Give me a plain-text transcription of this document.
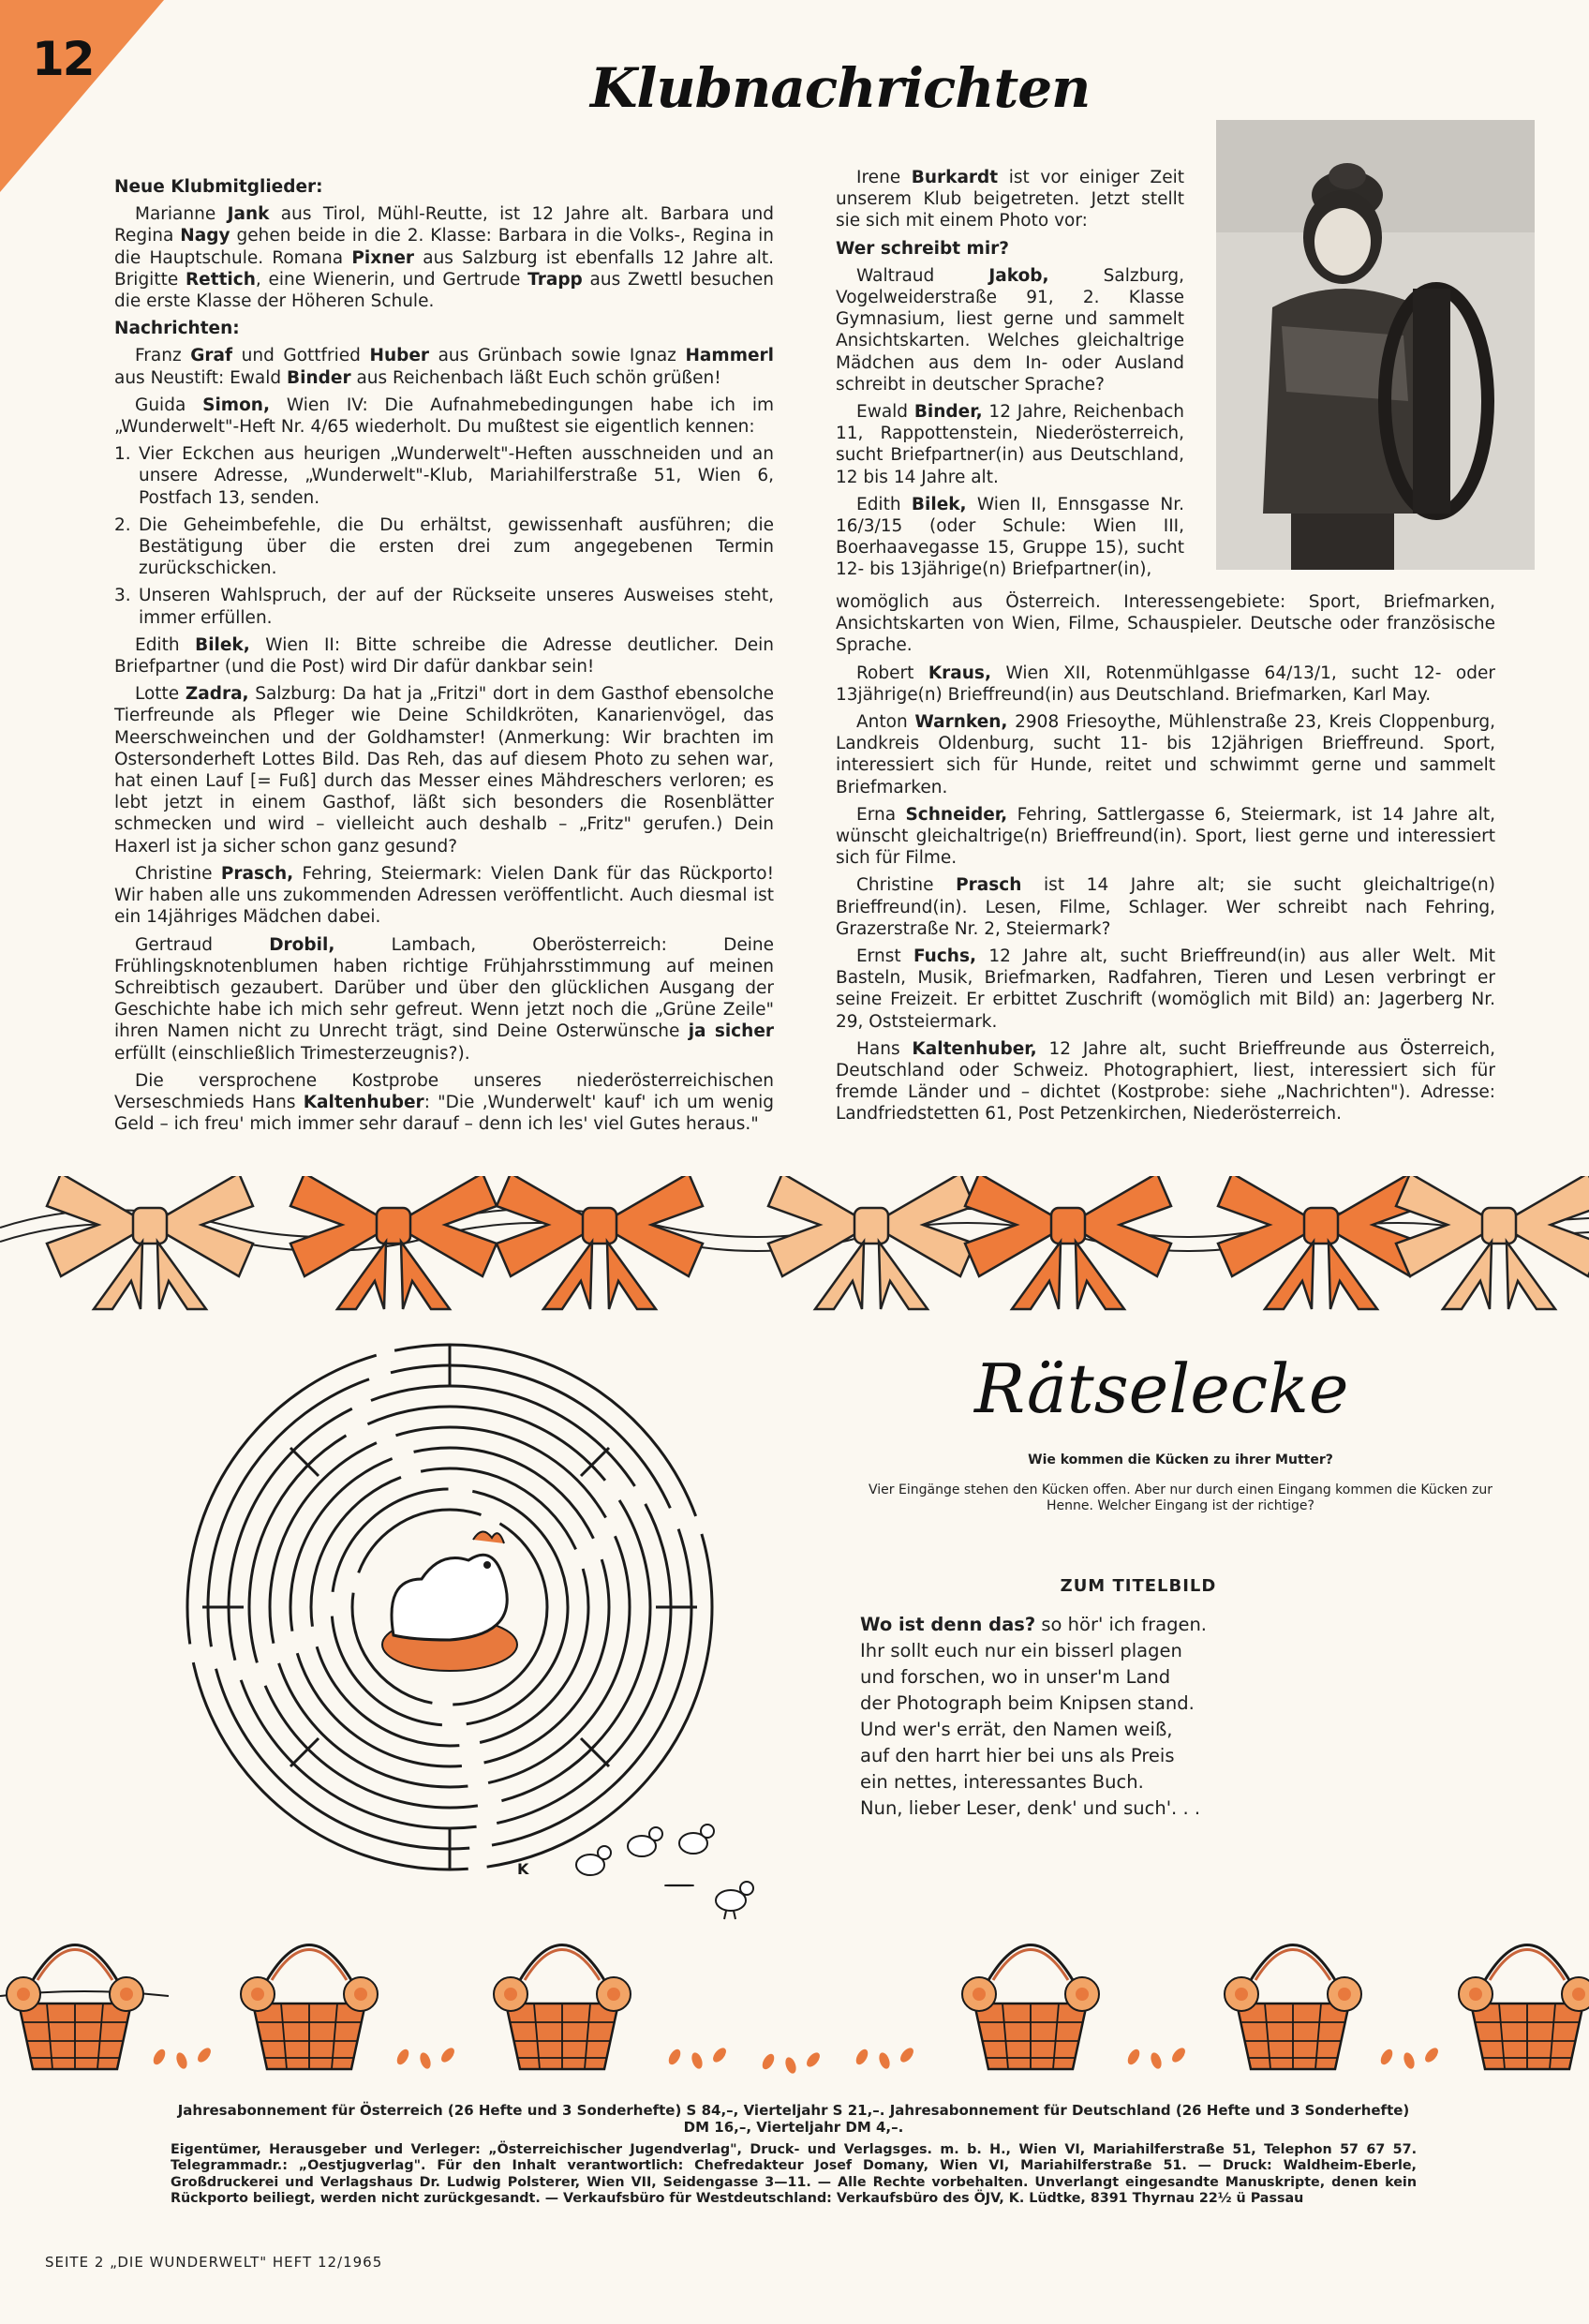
12	Klubnachrichten
Neue Klubmitglieder:

Marianne Jank aus Tirol, Mühl-Reutte, ist 12 Jahre alt. Barbara und Regina Nagy gehen beide in die 2. Klasse: Barbara in die Volks-, Regina in die Hauptschule. Romana Pixner aus Salzburg ist ebenfalls 12 Jahre alt. Brigitte Rettich, eine Wienerin, und Gertrude Trapp aus Zwettl besuchen die erste Klasse der Höheren Schule.

Nachrichten:

Franz Graf und Gottfried Huber aus Grünbach sowie Ignaz Hammerl aus Neustift: Ewald Binder aus Reichenbach läßt Euch schön grüßen!

Guida Simon, Wien IV: Die Aufnahmebedingungen habe ich im „Wunderwelt"-Heft Nr. 4/65 wiederholt. Du mußtest sie eigentlich kennen:

1. Vier Eckchen aus heurigen „Wunderwelt"-Heften ausschneiden und an unsere Adresse, „Wunderwelt"-Klub, Mariahilferstraße 51, Wien 6, Postfach 13, senden.
2. Die Geheimbefehle, die Du erhältst, gewissenhaft ausführen; die Bestätigung über die ersten drei zum angegebenen Termin zurückschicken.
3. Unseren Wahlspruch, der auf der Rückseite unseres Ausweises steht, immer erfüllen.

Edith Bilek, Wien II: Bitte schreibe die Adresse deutlicher. Dein Briefpartner (und die Post) wird Dir dafür dankbar sein!

Lotte Zadra, Salzburg: Da hat ja „Fritzi" dort in dem Gasthof ebensolche Tierfreunde als Pfleger wie Deine Schildkröten, Kanarienvögel, das Meerschweinchen und der Goldhamster! (Anmerkung: Wir brachten im Ostersonderheft Lottes Bild. Das Reh, das auf diesem Photo zu sehen war, hat einen Lauf [= Fuß] durch das Messer eines Mähdreschers verloren; es lebt jetzt in einem Gasthof, läßt sich besonders die Rosenblätter schmecken und wird – vielleicht auch deshalb – „Fritz" gerufen.) Dein Haxerl ist ja sicher schon ganz gesund?

Christine Prasch, Fehring, Steiermark: Vielen Dank für das Rückporto! Wir haben alle uns zukommenden Adressen veröffentlicht. Auch diesmal ist ein 14jähriges Mädchen dabei.

Gertraud Drobil, Lambach, Oberösterreich: Deine Frühlingsknotenblumen haben richtige Frühjahrsstimmung auf meinen Schreibtisch gezaubert. Darüber und über den glücklichen Ausgang der Geschichte habe ich mich sehr gefreut. Wenn jetzt noch die „Grüne Zeile" ihren Namen nicht zu Unrecht trägt, sind Deine Osterwünsche ja sicher erfüllt (einschließlich Trimesterzeugnis?).

Die versprochene Kostprobe unseres niederösterreichischen Verseschmieds Hans Kaltenhuber: "Die ‚Wunderwelt' kauf' ich um wenig Geld – ich freu' mich immer sehr darauf – denn ich les' viel Gutes heraus."

Irene Burkardt ist vor einiger Zeit unserem Klub beigetreten. Jetzt stellt sie sich mit einem Photo vor:

Wer schreibt mir?

Waltraud Jakob, Salzburg, Vogelweiderstraße 91, 2. Klasse Gymnasium, liest gerne und sammelt Ansichtskarten. Welches gleichaltrige Mädchen aus dem In- oder Ausland schreibt in deutscher Sprache?

Ewald Binder, 12 Jahre, Reichenbach 11, Rappottenstein, Niederösterreich, sucht Briefpartner(in) aus Deutschland, 12 bis 14 Jahre alt.

Edith Bilek, Wien II, Ennsgasse Nr. 16/3/15 (oder Schule: Wien III, Boerhaavegasse 15, Gruppe 15), sucht 12- bis 13jährige(n) Briefpartner(in),

womöglich aus Österreich. Interessengebiete: Sport, Briefmarken, Ansichtskarten von Wien, Filme, Schauspieler. Deutsche oder französische Sprache.

Robert Kraus, Wien XII, Rotenmühlgasse 64/13/1, sucht 12- oder 13jährige(n) Brieffreund(in) aus Deutschland. Briefmarken, Karl May.

Anton Warnken, 2908 Friesoythe, Mühlenstraße 23, Kreis Cloppenburg, Landkreis Oldenburg, sucht 11- bis 12jährigen Brieffreund. Sport, interessiert sich für Hunde, reitet und schwimmt gerne und sammelt Briefmarken.

Erna Schneider, Fehring, Sattlergasse 6, Steiermark, ist 14 Jahre alt, wünscht gleichaltrige(n) Brieffreund(in). Sport, liest gerne und interessiert sich für Filme.

Christine Prasch ist 14 Jahre alt; sie sucht gleichaltrige(n) Brieffreund(in). Lesen, Filme, Schlager. Wer schreibt nach Fehring, Grazerstraße Nr. 2, Steiermark?

Ernst Fuchs, 12 Jahre alt, sucht Brieffreund(in) aus aller Welt. Mit Basteln, Musik, Briefmarken, Radfahren, Tieren und Lesen verbringt er seine Freizeit. Er erbittet Zuschrift (womöglich mit Bild) an: Jagerberg Nr. 29, Oststeiermark.

Hans Kaltenhuber, 12 Jahre alt, sucht Brieffreunde aus Österreich, Deutschland oder Schweiz. Photographiert, liest, interessiert sich für fremde Länder und – dichtet (Kostprobe: siehe „Nachrichten"). Adresse: Landfriedstetten 61, Post Petzenkirchen, Niederösterreich.

K
Rätselecke
Wie kommen die Kücken zu ihrer Mutter?
Vier Eingänge stehen den Kücken offen. Aber nur durch einen Eingang kommen die Kücken zur Henne. Welcher Eingang ist der richtige?
ZUM TITELBILD
Wo ist denn das? so hör' ich fragen.
Ihr sollt euch nur ein bisserl plagen
und forschen, wo in unser'm Land
der Photograph beim Knipsen stand.
Und wer's errät, den Namen weiß,
auf den harrt hier bei uns als Preis
ein nettes, interessantes Buch.
Nun, lieber Leser, denk' und such'. . .
Jahresabonnement für Österreich (26 Hefte und 3 Sonderhefte) S 84,–, Vierteljahr S 21,–. Jahresabonnement für Deutschland (26 Hefte und 3 Sonderhefte) DM 16,–, Vierteljahr DM 4,–.
Eigentümer, Herausgeber und Verleger: „Österreichischer Jugendverlag", Druck- und Verlagsges. m. b. H., Wien VI, Mariahilferstraße 51, Telephon 57 67 57. Telegrammadr.: „Oestjugverlag". Für den Inhalt verantwortlich: Chefredakteur Josef Domany, Wien VI, Mariahilferstraße 51. — Druck: Waldheim-Eberle, Großdruckerei und Verlagshaus Dr. Ludwig Polsterer, Wien VII, Seidengasse 3—11. — Alle Rechte vorbehalten. Unverlangt eingesandte Manuskripte, denen kein Rückporto beiliegt, werden nicht zurückgesandt. — Verkaufsbüro für Westdeutschland: Verkaufsbüro des ÖJV, K. Lüdtke, 8391 Thyrnau 22½ ü Passau
SEITE 2 „DIE WUNDERWELT" HEFT 12/1965
